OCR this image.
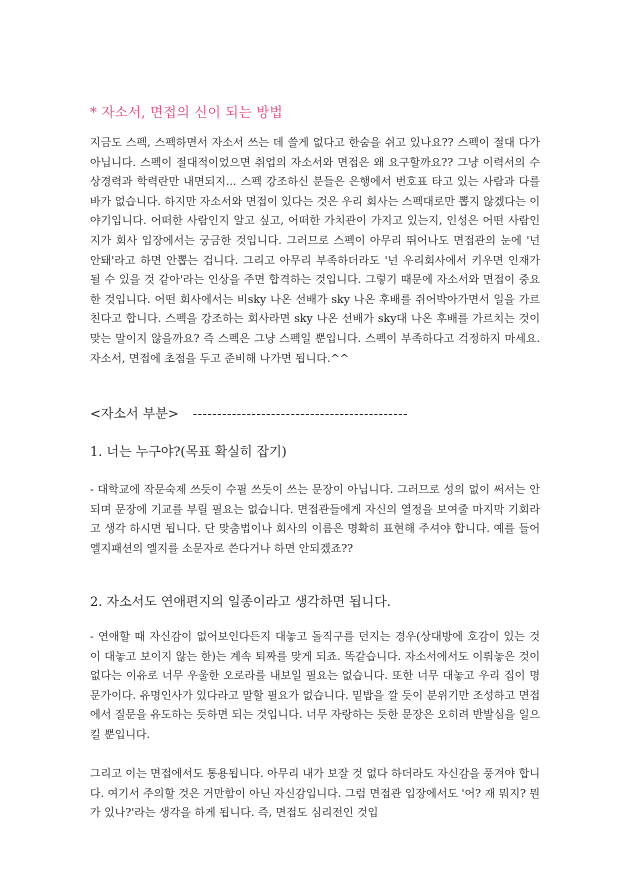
* 자소서, 면접의 신이 되는 방법
지금도 스펙, 스펙하면서 자소서 쓰는 데 쓸게 없다고 한숨을 쉬고 있나요?? 스펙이 절대 다가 아닙니다. 스펙이 절대적이었으면 취업의 자소서와 면접은 왜 요구할까요?? 그냥 이력서의 수상경력과 학력란만 내면되지... 스펙 강조하신 분들은 은행에서 번호표 타고 있는 사람과 다를 바가 없습니다. 하지만 자소서와 면접이 있다는 것은 우리 회사는 스펙대로만 뽑지 않겠다는 이야기입니다. 어떠한 사람인지 알고 싶고, 어떠한 가치관이 가지고 있는지, 인성은 어떤 사람인지가 회사 입장에서는 궁금한 것입니다. 그러므로 스펙이 아무리 뛰어나도 면접관의 눈에 '넌 안돼'라고 하면 안뽑는 겁니다. 그리고 아무리 부족하더라도 '넌 우리회사에서 키우면 인재가 될 수 있을 것 같아'라는 인상을 주면 합격하는 것입니다. 그렇기 때문에 자소서와 면접이 중요한 것입니다. 어떤 회사에서는 비sky 나온 선배가 sky 나온 후배를 쥐어박아가면서 일을 가르친다고 합니다. 스펙을 강조하는 회사라면 sky 나온 선배가 sky대 나온 후배를 가르치는 것이 맞는 말이지 않을까요? 즉 스펙은 그냥 스펙일 뿐입니다. 스펙이 부족하다고 걱정하지 마세요. 자소서, 면접에 초점을 두고 준비해 나가면 됩니다.^^
<자소서 부분> --------------------------------------------
1. 너는 누구야?(목표 확실히 잡기)
- 대학교에 작문숙제 쓰듯이 수필 쓰듯이 쓰는 문장이 아닙니다. 그러므로 성의 없이 써서는 안되며 문장에 기교를 부릴 필요는 없습니다. 면접관들에게 자신의 열정을 보여줄 마지막 기회라고 생각 하시면 됩니다. 단 맞춤법이나 회사의 이름은 명확히 표현해 주셔야 합니다. 예를 들어 엘지패션의 엘지를 소문자로 쓴다거나 하면 안되겠죠??
2. 자소서도 연애편지의 일종이라고 생각하면 됩니다.
- 연애할 때 자신감이 없어보인다든지 대놓고 돌직구를 던지는 경우(상대방에 호감이 있는 것이 대놓고 보이지 않는 한)는 계속 퇴짜를 맞게 되죠. 똑같습니다. 자소서에서도 이뤄놓은 것이 없다는 이유로 너무 우울한 오로라를 내보일 필요는 없습니다. 또한 너무 대놓고 우리 집이 명문가이다. 유명인사가 있다라고 말할 필요가 없습니다. 밑밥을 깔 듯이 분위기만 조성하고 면접에서 질문을 유도하는 듯하면 되는 것입니다. 너무 자랑하는 듯한 문장은 오히려 반발심을 일으킬 뿐입니다.
그리고 이는 면접에서도 통용됩니다. 아무리 내가 보잘 것 없다 하더라도 자신감을 풍겨야 합니다. 여기서 주의할 것은 거만함이 아닌 자신감입니다. 그럼 면접관 입장에서도 '어? 재 뭐지? 뭔가 있나?'라는 생각을 하게 됩니다. 즉, 면접도 심리전인 것입
